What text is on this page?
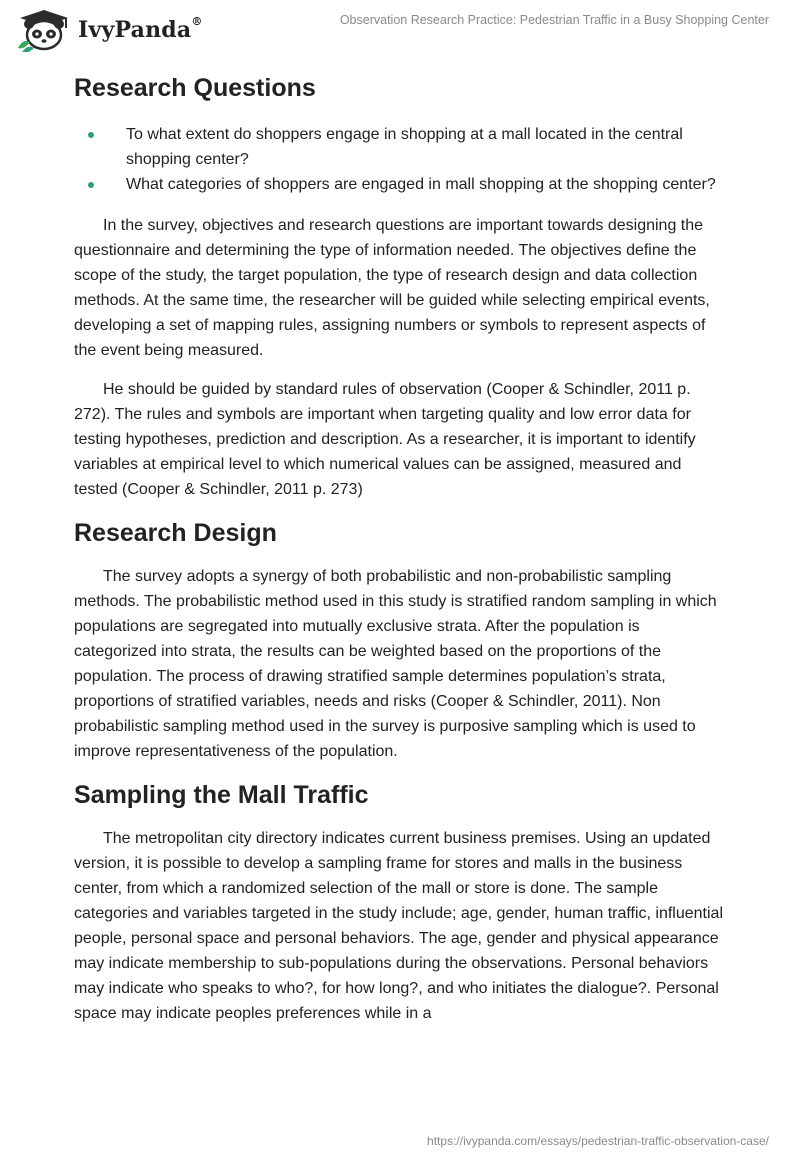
IvyPanda®	Observation Research Practice: Pedestrian Traffic in a Busy Shopping Center
Research Questions
To what extent do shoppers engage in shopping at a mall located in the central shopping center?
What categories of shoppers are engaged in mall shopping at the shopping center?

In the survey, objectives and research questions are important towards designing the questionnaire and determining the type of information needed. The objectives define the scope of the study, the target population, the type of research design and data collection methods. At the same time, the researcher will be guided while selecting empirical events, developing a set of mapping rules, assigning numbers or symbols to represent aspects of the event being measured.

He should be guided by standard rules of observation (Cooper & Schindler, 2011 p. 272). The rules and symbols are important when targeting quality and low error data for testing hypotheses, prediction and description. As a researcher, it is important to identify variables at empirical level to which numerical values can be assigned, measured and tested (Cooper & Schindler, 2011 p. 273)

Research Design

The survey adopts a synergy of both probabilistic and non-probabilistic sampling methods. The probabilistic method used in this study is stratified random sampling in which populations are segregated into mutually exclusive strata. After the population is categorized into strata, the results can be weighted based on the proportions of the population. The process of drawing stratified sample determines population’s strata, proportions of stratified variables, needs and risks (Cooper & Schindler, 2011). Non probabilistic sampling method used in the survey is purposive sampling which is used to improve representativeness of the population.

Sampling the Mall Traffic

The metropolitan city directory indicates current business premises. Using an updated version, it is possible to develop a sampling frame for stores and malls in the business center, from which a randomized selection of the mall or store is done. The sample categories and variables targeted in the study include; age, gender, human traffic, influential people, personal space and personal behaviors. The age, gender and physical appearance may indicate membership to sub-populations during the observations. Personal behaviors may indicate who speaks to who?, for how long?, and who initiates the dialogue?. Personal space may indicate peoples preferences while in a

https://ivypanda.com/essays/pedestrian-traffic-observation-case/
